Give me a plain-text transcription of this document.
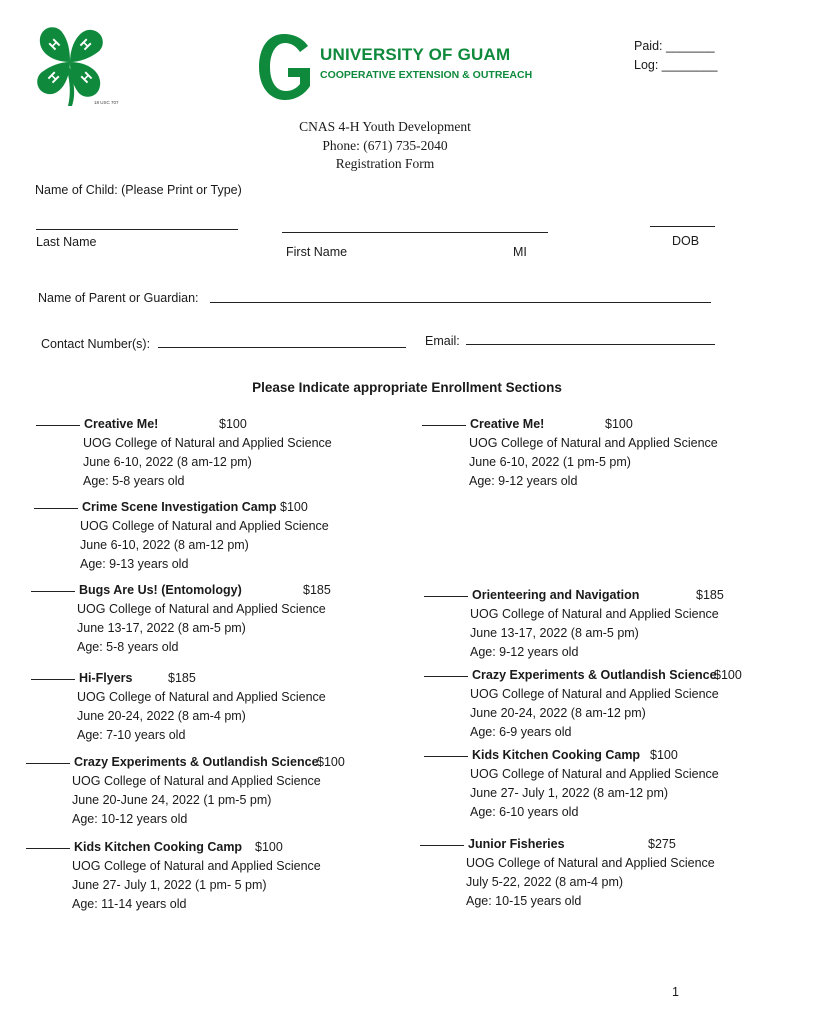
H H
H
H
18 USC 707
UNIVERSITY OF GUAM
COOPERATIVE EXTENSION & OUTREACH
Paid: _______
Log: ________
CNAS 4-H Youth Development
Phone: (671) 735-2040
Registration Form
Name of Child: (Please Print or Type)
Last Name
First Name	MI
DOB
Name of Parent or Guardian:
Contact Number(s):	Email:
Please Indicate appropriate Enrollment Sections
Creative Me!	$100
UOG College of Natural and Applied Science
June 6-10, 2022 (8 am-12 pm)
Age: 5-8 years old
Creative Me!	$100
UOG College of Natural and Applied Science
June 6-10, 2022 (1 pm-5 pm)
Age: 9-12 years old
Crime Scene Investigation Camp $100
UOG College of Natural and Applied Science
June 6-10, 2022 (8 am-12 pm)
Age: 9-13 years old
Bugs Are Us! (Entomology)	$185
UOG College of Natural and Applied Science
June 13-17, 2022 (8 am-5 pm)
Age: 5-8 years old
Orienteering and Navigation	$185
UOG College of Natural and Applied Science
June 13-17, 2022 (8 am-5 pm)
Age: 9-12 years old
Hi-Flyers	$185
UOG College of Natural and Applied Science
June 20-24, 2022 (8 am-4 pm)
Age: 7-10 years old
Crazy Experiments & Outlandish Science
$100
UOG College of Natural and Applied Science
June 20-24, 2022 (8 am-12 pm)
Age: 6-9 years old
Crazy Experiments & Outlandish Science
$100
UOG College of Natural and Applied Science
June 20-June 24, 2022 (1 pm-5 pm)
Age: 10-12 years old
Kids Kitchen Cooking Camp $100
UOG College of Natural and Applied Science
June 27- July 1, 2022 (8 am-12 pm)
Age: 6-10 years old
Kids Kitchen Cooking Camp	$100
UOG College of Natural and Applied Science
June 27- July 1, 2022 (1 pm- 5 pm)
Age: 11-14 years old
Junior Fisheries	$275
UOG College of Natural and Applied Science
July 5-22, 2022 (8 am-4 pm)
Age: 10-15 years old
1
